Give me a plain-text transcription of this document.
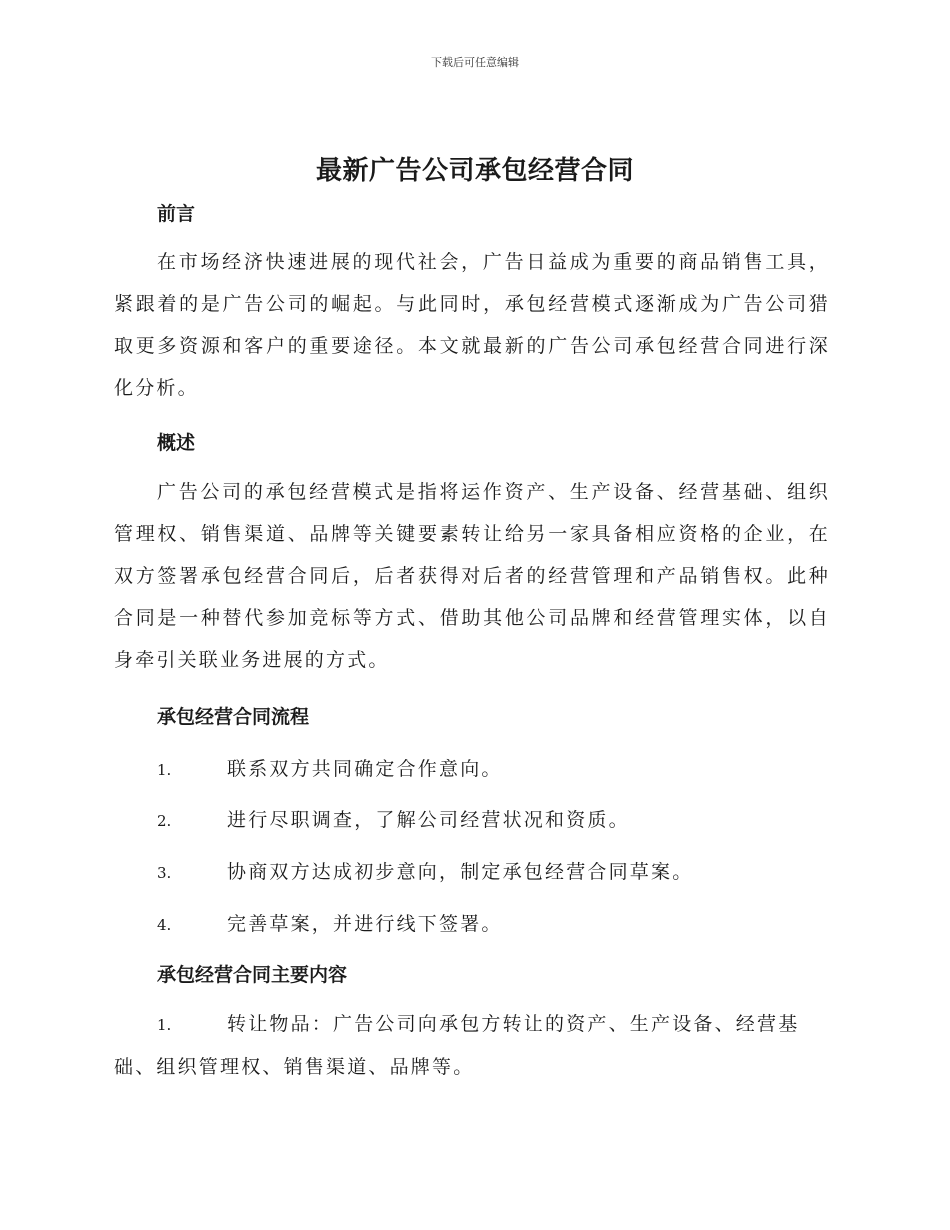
下载后可任意编辑
最新广告公司承包经营合同
前言

在市场经济快速进展的现代社会，广告日益成为重要的商品销售工具，紧跟着的是广告公司的崛起。与此同时，承包经营模式逐渐成为广告公司猎取更多资源和客户的重要途径。本文就最新的广告公司承包经营合同进行深化分析。

概述

广告公司的承包经营模式是指将运作资产、生产设备、经营基础、组织管理权、销售渠道、品牌等关键要素转让给另一家具备相应资格的企业，在双方签署承包经营合同后，后者获得对后者的经营管理和产品销售权。此种合同是一种替代参加竞标等方式、借助其他公司品牌和经营管理实体，以自身牵引关联业务进展的方式。

承包经营合同流程
1.	联系双方共同确定合作意向。
2.	进行尽职调查，了解公司经营状况和资质。
3.	协商双方达成初步意向，制定承包经营合同草案。
4.	完善草案，并进行线下签署。
承包经营合同主要内容
1.	转让物品：广告公司向承包方转让的资产、生产设备、经营基础、组织管理权、销售渠道、品牌等。
